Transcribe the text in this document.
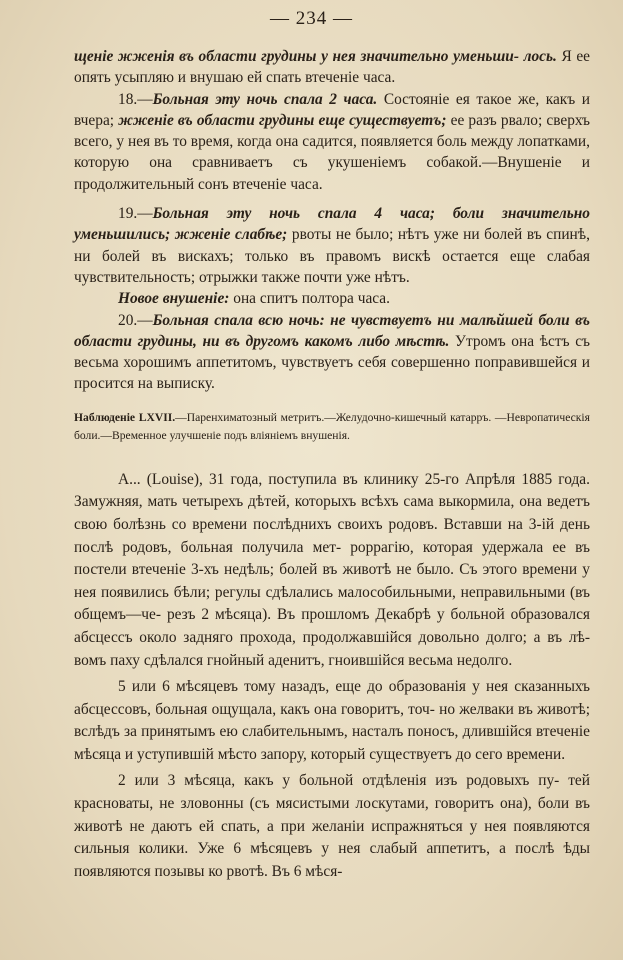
— 234 —

щеніе жженія въ области грудины у нея значительно уменьши- лось. Я ее опять усыпляю и внушаю ей спать втеченіе часа.

18.—Больная эту ночь спала 2 часа. Состояніе ея такое же, какъ и вчера; жженіе въ области грудины еще существуетъ; ее разъ рвало; сверхъ всего, у нея въ то время, когда она садится, появляется боль между лопатками, которую она сравниваетъ съ укушеніемъ собакой.—Внушеніе и продолжительный сонъ втеченіе часа.

19.—Больная эту ночь спала 4 часа; боли значительно уменьшились; жженіе слабѣе; рвоты не было; нѣтъ уже ни болей въ спинѣ, ни болей въ вискахъ; только въ правомъ вискѣ остается еще слабая чувствительность; отрыжки также почти уже нѣтъ.

Новое внушеніе: она спитъ полтора часа.

20.—Больная спала всю ночь: не чувствуетъ ни малѣйшей боли въ области грудины, ни въ другомъ какомъ либо мѣстѣ. Утромъ она ѣстъ съ весьма хорошимъ аппетитомъ, чувствуетъ себя совершенно поправившейся и просится на выписку.

Наблюденіе LXVII.—Паренхиматозный метритъ.—Желудочно-кишечный катарръ. —Невропатическія боли.—Временное улучшеніе подъ вліяніемъ внушенія.

А... (Louise), 31 года, поступила въ клинику 25-го Апрѣля 1885 года. Замужняя, мать четырехъ дѣтей, которыхъ всѣхъ сама выкормила, она ведетъ свою болѣзнь со времени послѣднихъ своихъ родовъ. Вставши на 3-ій день послѣ родовъ, больная получила мет- роррагію, которая удержала ее въ постели втеченіе 3-хъ недѣль; болей въ животѣ не было. Съ этого времени у нея появились бѣли; регулы сдѣлались малособильными, неправильными (въ общемъ—че- резъ 2 мѣсяца). Въ прошломъ Декабрѣ у больной образовался абсцессъ около задняго прохода, продолжавшійся довольно долго; а въ лѣ- вомъ паху сдѣлался гнойный аденитъ, гноившійся весьма недолго.

5 или 6 мѣсяцевъ тому назадъ, еще до образованія у нея сказанныхъ абсцессовъ, больная ощущала, какъ она говоритъ, точ- но желваки въ животѣ; вслѣдъ за принятымъ ею слабительнымъ, насталъ поносъ, длившійся втеченіе мѣсяца и уступившій мѣсто запору, который существуетъ до сего времени.

2 или 3 мѣсяца, какъ у больной отдѣленія изъ родовыхъ пу- тей красноваты, не зловонны (съ мясистыми лоскутами, говоритъ она), боли въ животѣ не даютъ ей спать, а при желаніи испражняться у нея появляются сильныя колики. Уже 6 мѣсяцевъ у нея слабый аппетитъ, а послѣ ѣды появляются позывы ко рвотѣ. Въ 6 мѣся-
